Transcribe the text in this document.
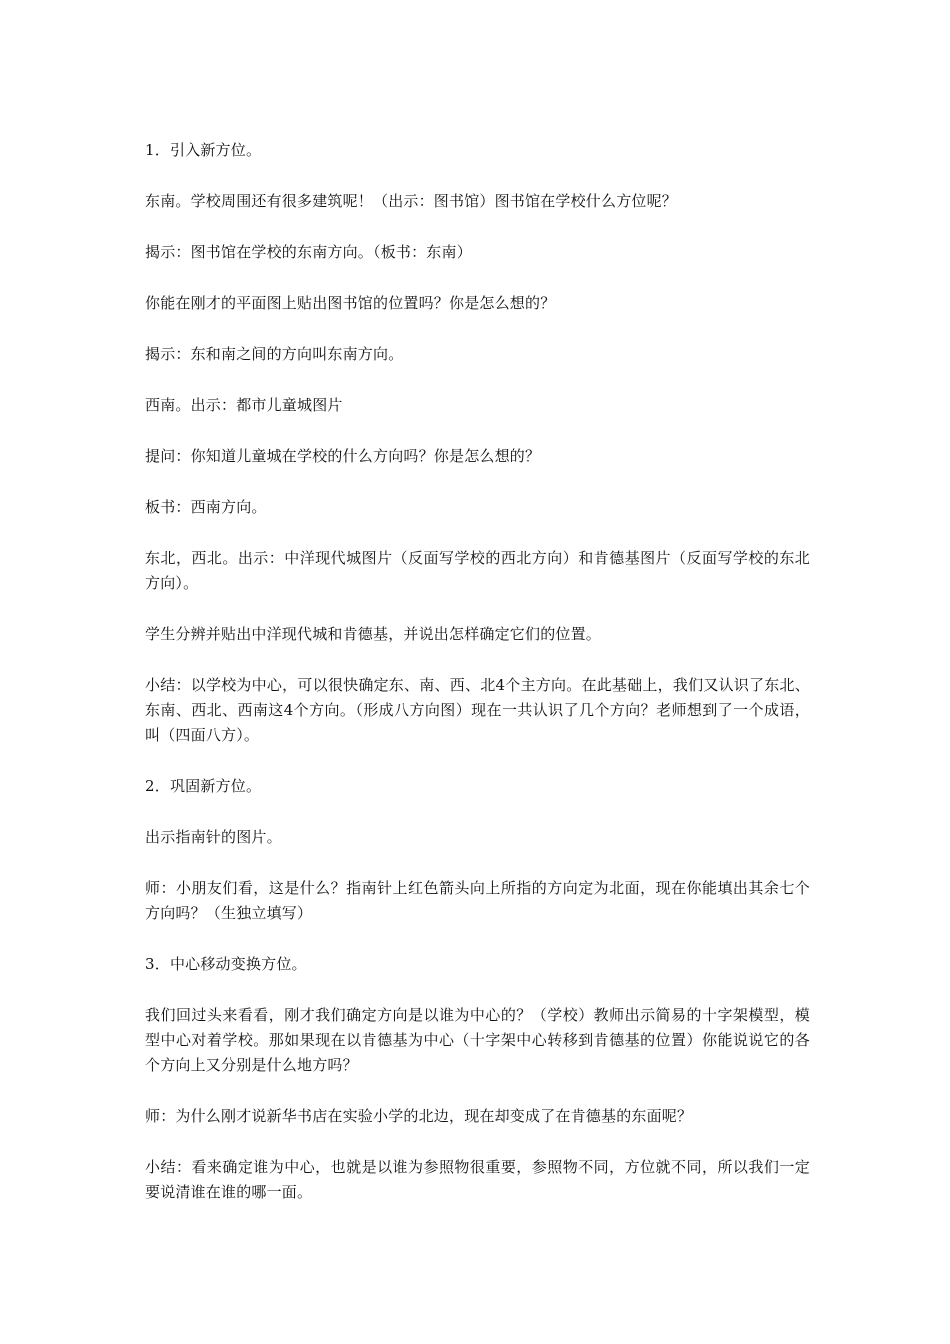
1．引入新方位。

东南。学校周围还有很多建筑呢！（出示：图书馆）图书馆在学校什么方位呢？

揭示：图书馆在学校的东南方向。（板书：东南）

你能在刚才的平面图上贴出图书馆的位置吗？你是怎么想的？

揭示：东和南之间的方向叫东南方向。

西南。出示：都市儿童城图片

提问：你知道儿童城在学校的什么方向吗？你是怎么想的？

板书：西南方向。

东北，西北。出示：中洋现代城图片（反面写学校的西北方向）和肯德基图片（反面写学校的东北方向）。

学生分辨并贴出中洋现代城和肯德基，并说出怎样确定它们的位置。

小结：以学校为中心，可以很快确定东、南、西、北4个主方向。在此基础上，我们又认识了东北、东南、西北、西南这4个方向。（形成八方向图）现在一共认识了几个方向？老师想到了一个成语，叫（四面八方）。

2．巩固新方位。

出示指南针的图片。

师：小朋友们看，这是什么？指南针上红色箭头向上所指的方向定为北面，现在你能填出其余七个方向吗？（生独立填写）

3．中心移动变换方位。

我们回过头来看看，刚才我们确定方向是以谁为中心的？（学校）教师出示简易的十字架模型，模型中心对着学校。那如果现在以肯德基为中心（十字架中心转移到肯德基的位置）你能说说它的各个方向上又分别是什么地方吗？

师：为什么刚才说新华书店在实验小学的北边，现在却变成了在肯德基的东面呢？

小结：看来确定谁为中心，也就是以谁为参照物很重要，参照物不同，方位就不同，所以我们一定要说清谁在谁的哪一面。
